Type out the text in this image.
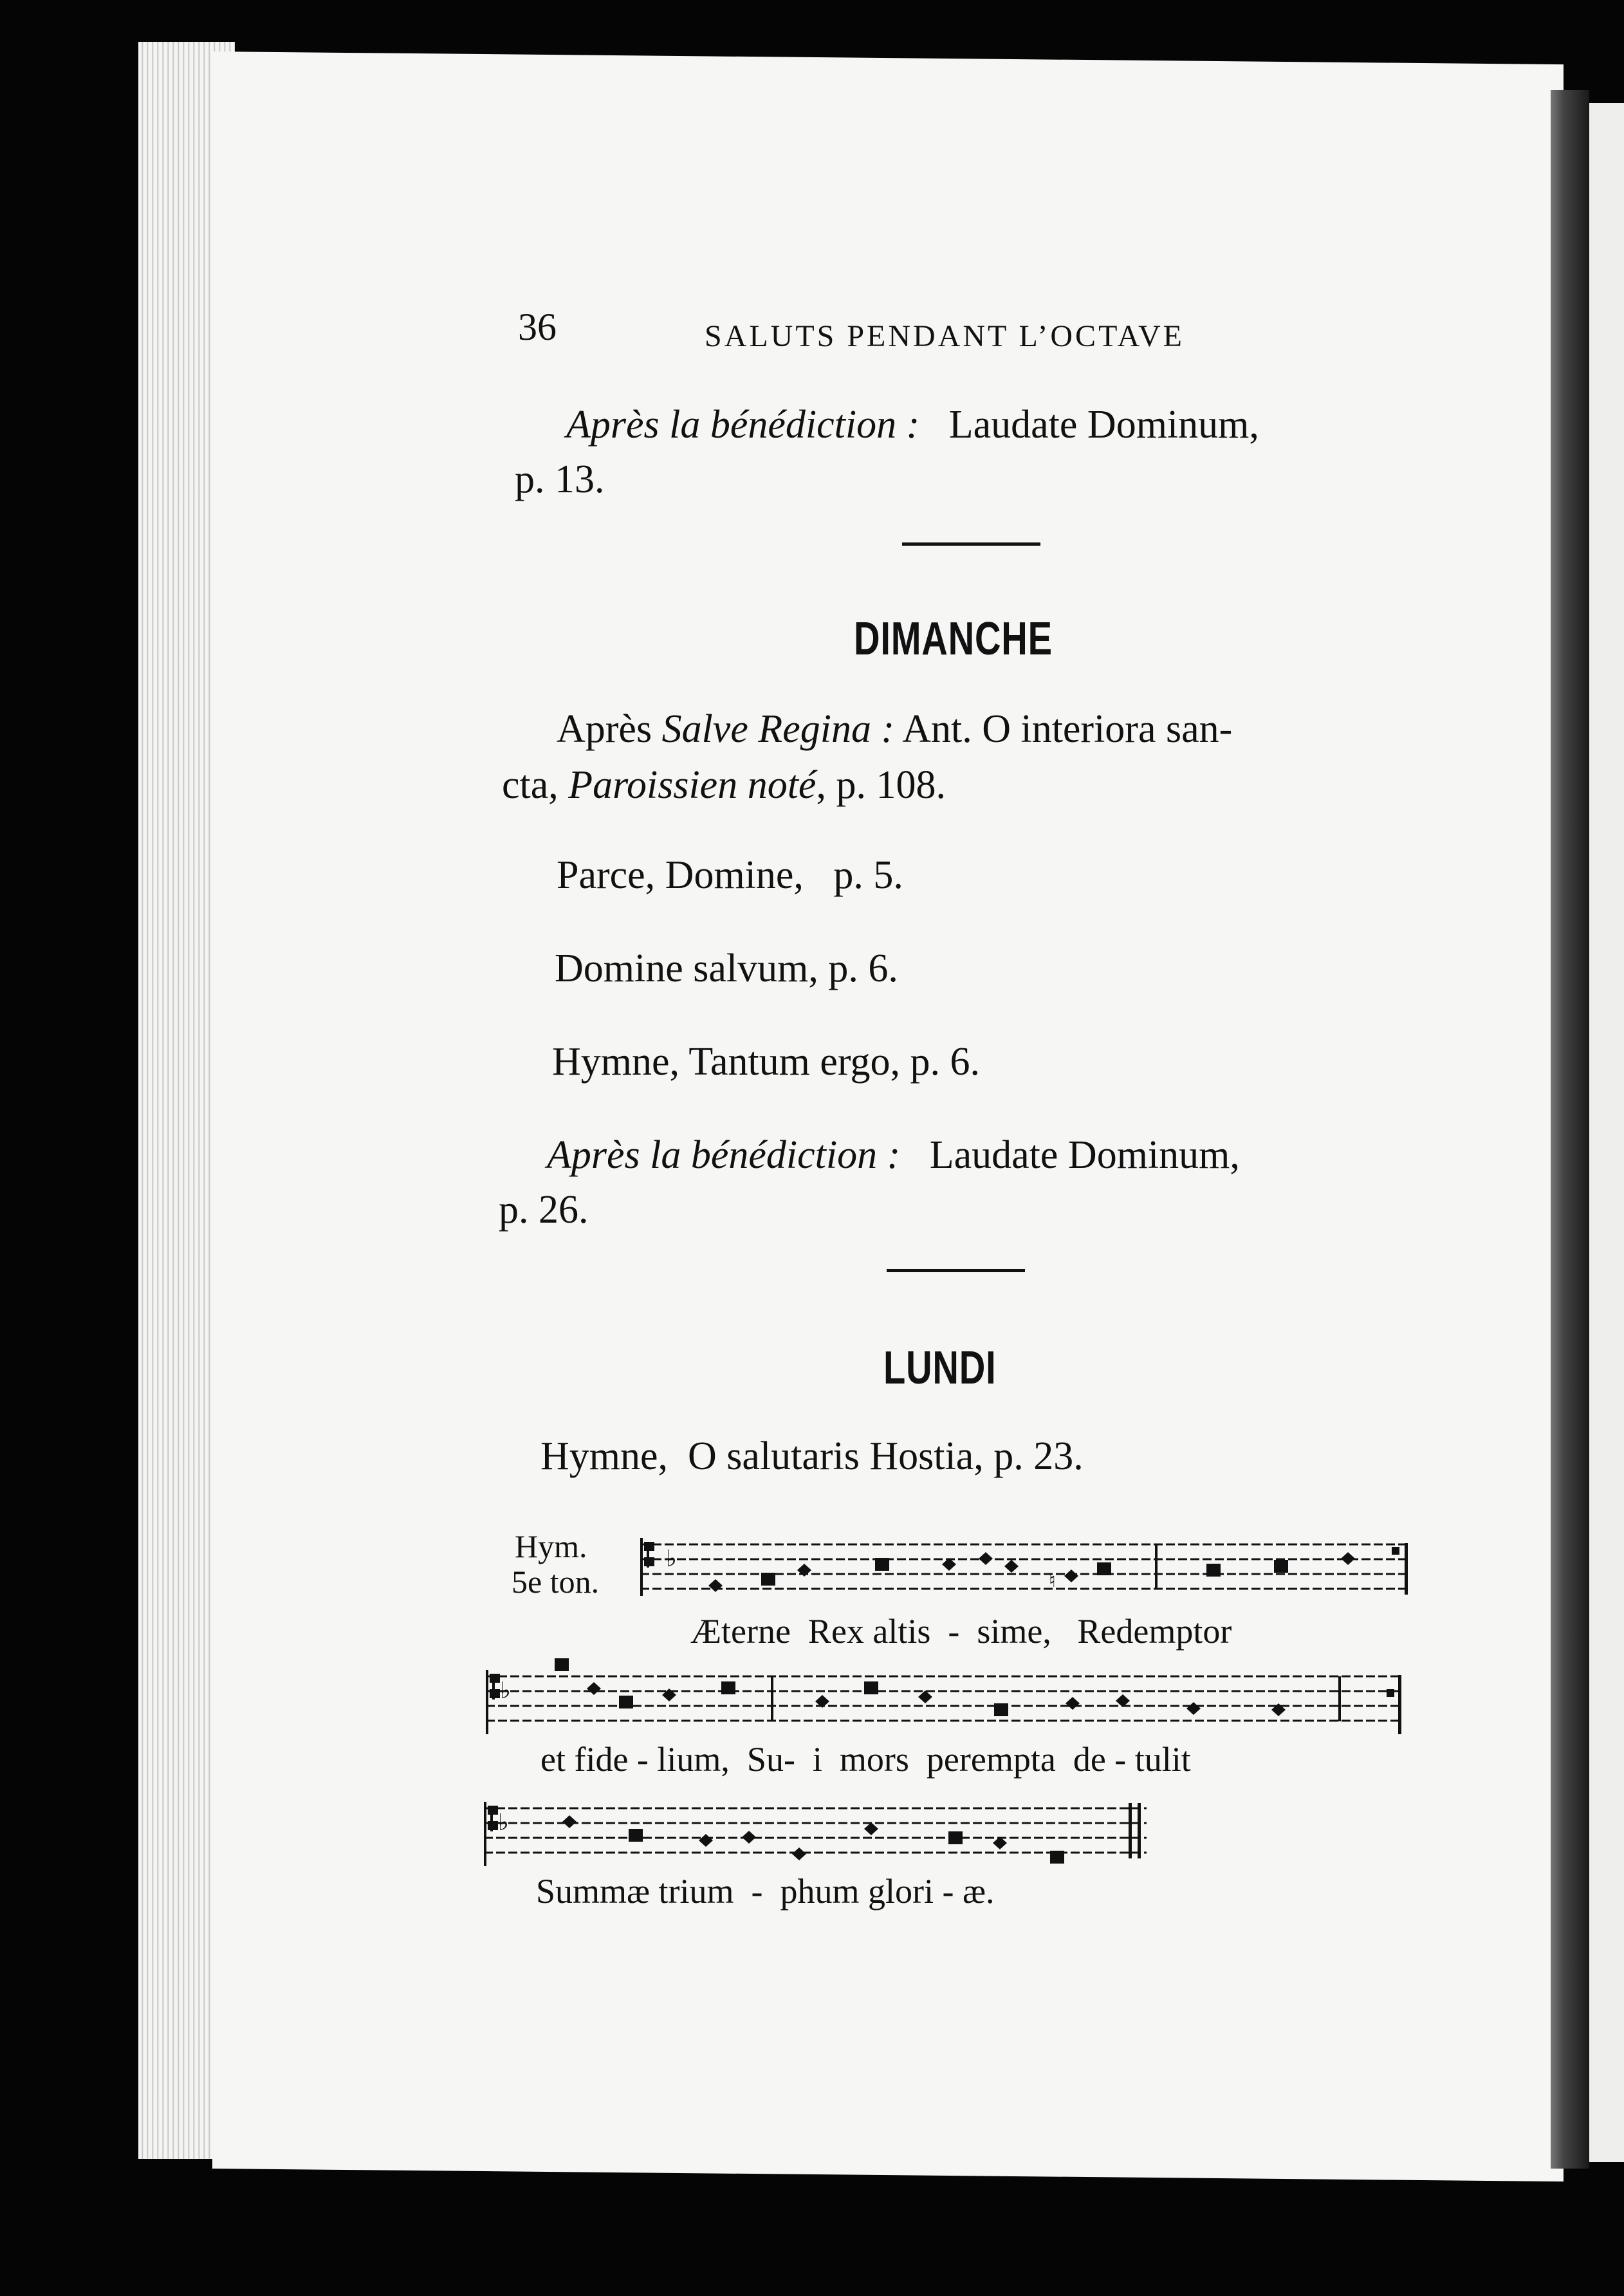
36	SALUTS PENDANT L’OCTAVE
Après la bénédiction : Laudate Dominum,
p. 13.
DIMANCHE
Après Salve Regina : Ant. O interiora san-
cta, Paroissien noté, p. 108.
Parce, Domine,   p. 5.
Domine salvum, p. 6.
Hymne, Tantum ergo, p. 6.
Après la bénédiction : Laudate Dominum,
p. 26.
LUNDI
Hymne,  O salutaris Hostia, p. 23.
Hym.
5e ton.
♭
♮
Æterne  Rex altis  -  sime,   Redemptor
♭
et fide - lium,  Su-  i  mors  perempta  de - tulit
♭
Summæ trium  -  phum glori - æ.
